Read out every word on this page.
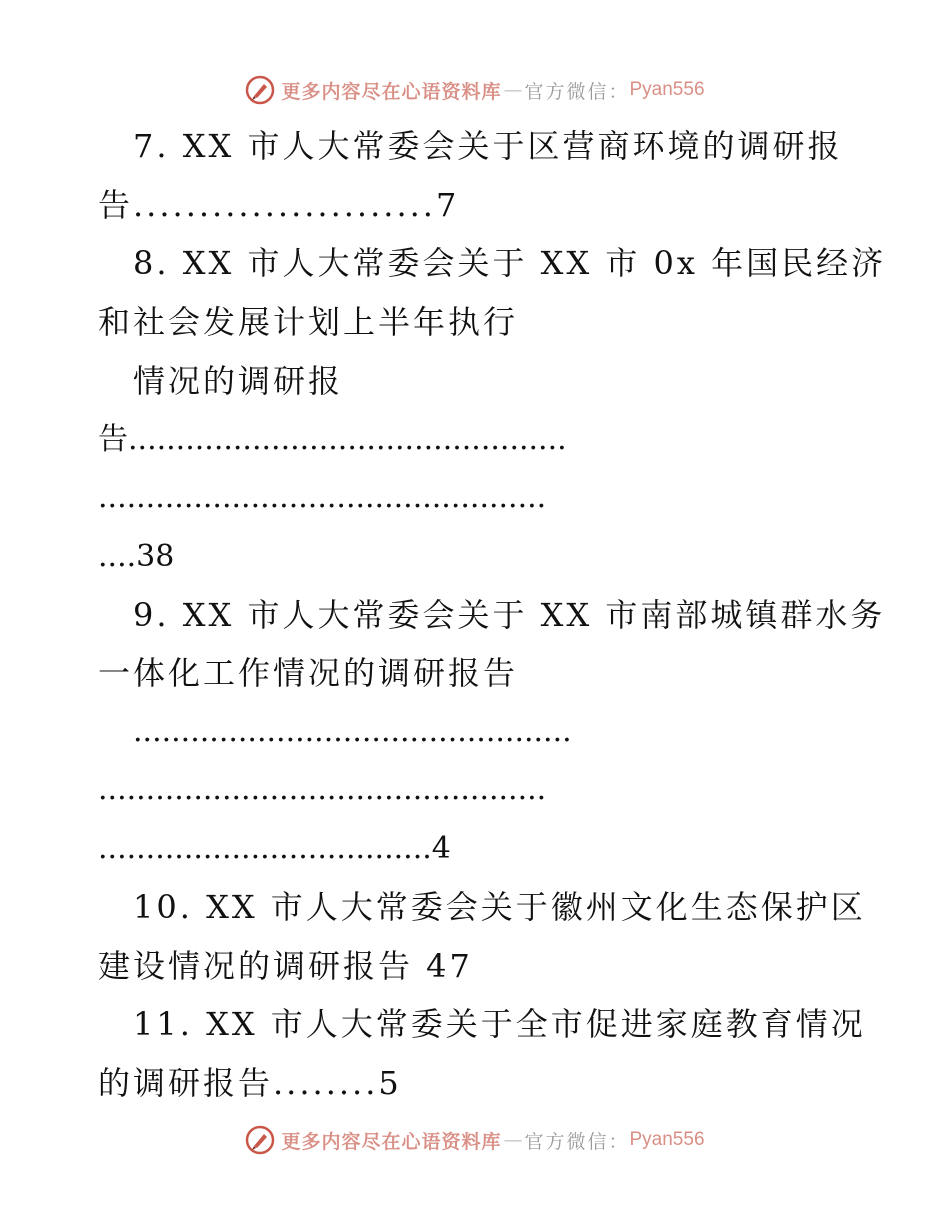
更多内容尽在心语资料库 — 官方微信： Pyan556
7. XX 市人大常委会关于区营商环境的调研报
告.......................7
8. XX 市人大常委会关于 XX 市 0x 年国民经济
和社会发展计划上半年执行
情况的调研报
告..............................................
...............................................
....38
9. XX 市人大常委会关于 XX 市南部城镇群水务
一体化工作情况的调研报告
..............................................
...............................................
...................................4
10. XX 市人大常委会关于徽州文化生态保护区
建设情况的调研报告 47
11. XX 市人大常委关于全市促进家庭教育情况
的调研报告........5
更多内容尽在心语资料库 — 官方微信： Pyan556
